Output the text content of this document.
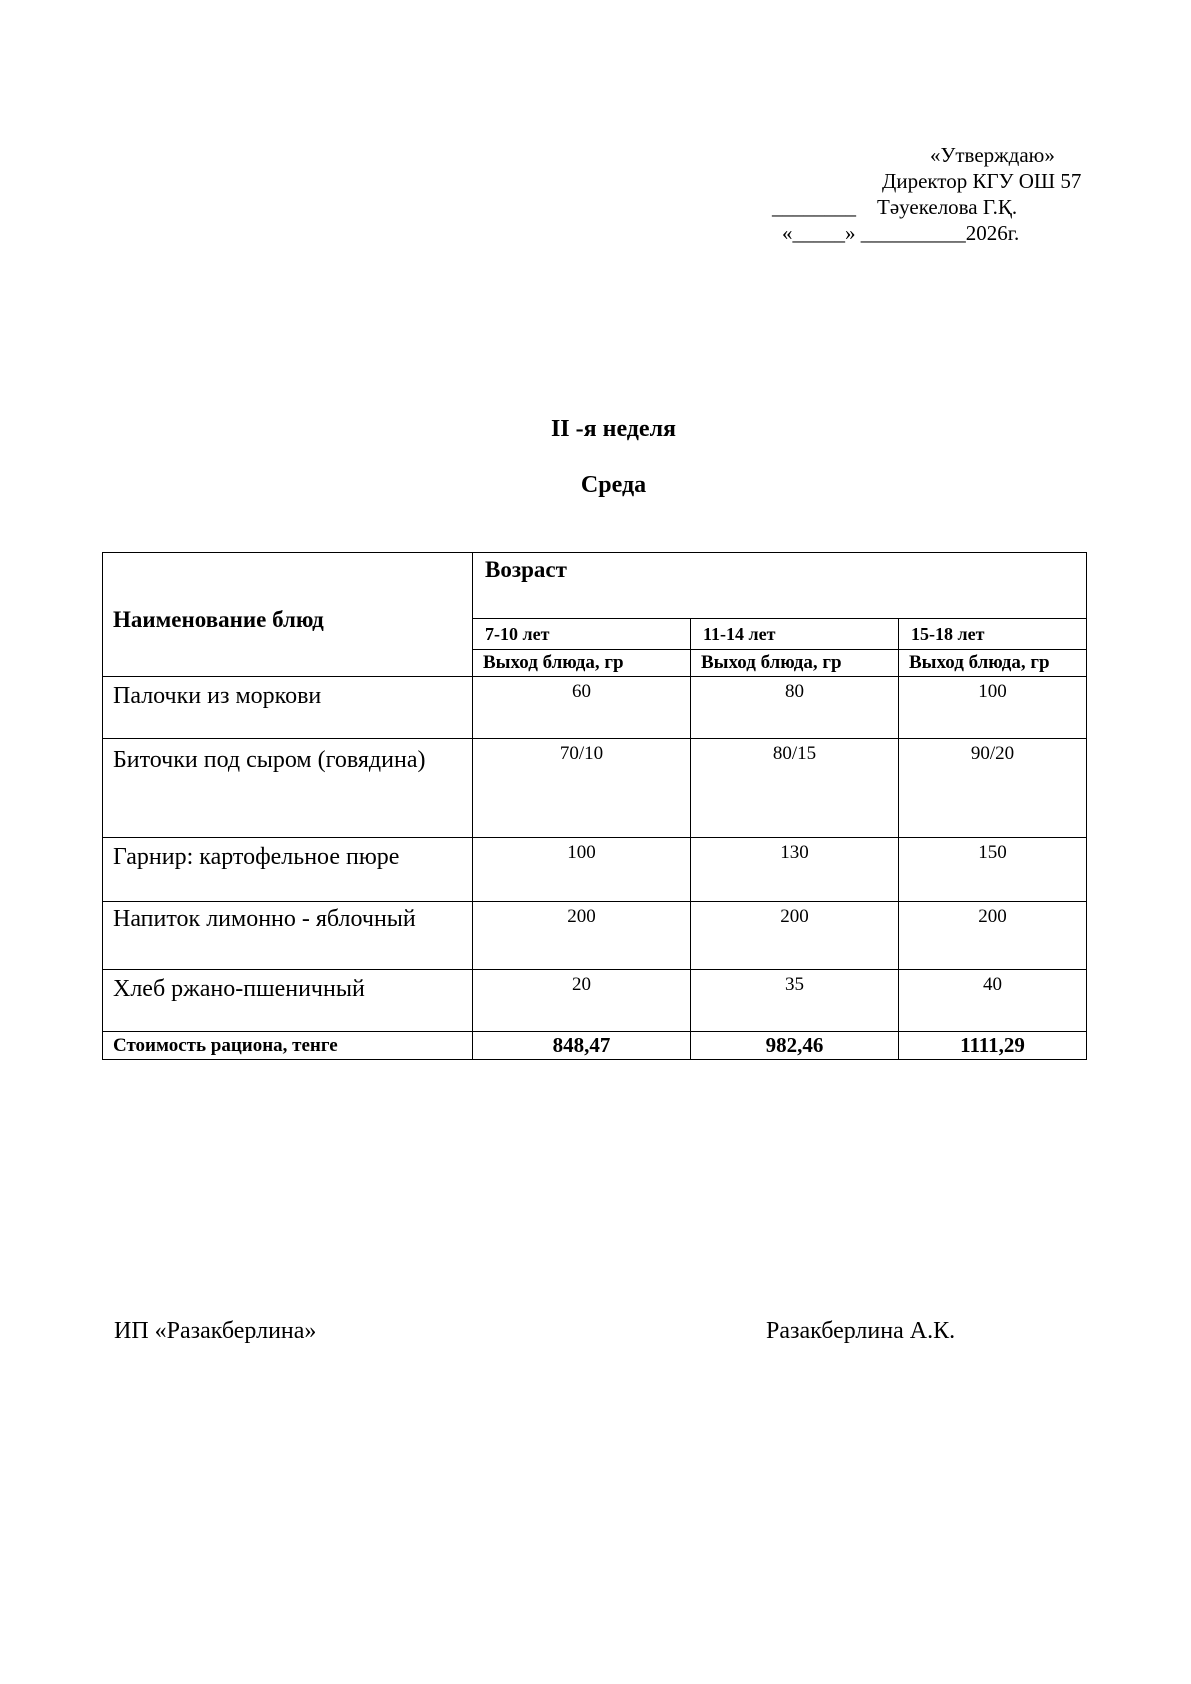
«Утверждаю»
Директор КГУ ОШ 57
________    Тәуекелова Г.Қ.
«_____» __________2026г.
II -я неделя
Среда
Наименование блюд	Возраст		
	7-10 лет	11-14 лет	15-18 лет
	Выход блюда, гр	Выход блюда, гр	Выход блюда, гр
Палочки из моркови	60	80	100
Биточки под сыром (говядина)	70/10	80/15	90/20
Гарнир: картофельное пюре	100	130	150
Напиток лимонно - яблочный	200	200	200
Хлеб ржано-пшеничный	20	35	40
Стоимость рациона, тенге	848,47	982,46	1111,29
ИП «Разакберлина»	Разакберлина А.К.
